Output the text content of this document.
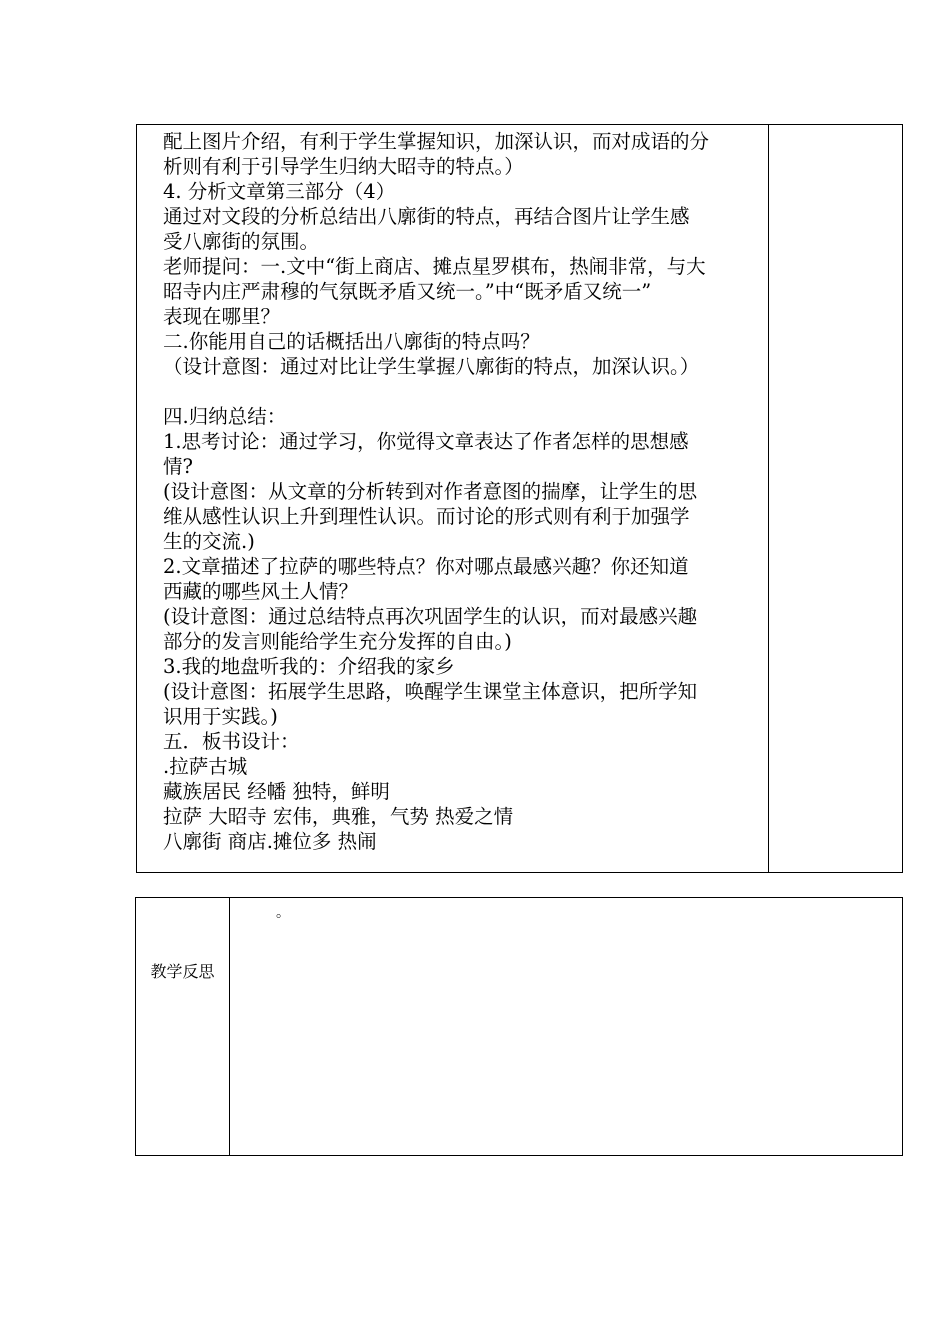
配上图片介绍，有利于学生掌握知识，加深认识，而对成语的分
析则有利于引导学生归纳大昭寺的特点。）
4. 分析文章第三部分（4）
通过对文段的分析总结出八廓街的特点，再结合图片让学生感
受八廓街的氛围。
老师提问：一.文中“街上商店、摊点星罗棋布，热闹非常，与大
昭寺内庄严肃穆的气氛既矛盾又统一。”中“既矛盾又统一”
表现在哪里？
二.你能用自己的话概括出八廓街的特点吗？
（设计意图：通过对比让学生掌握八廓街的特点，加深认识。）
四.归纳总结：
1.思考讨论：通过学习，你觉得文章表达了作者怎样的思想感
情?
(设计意图：从文章的分析转到对作者意图的揣摩，让学生的思
维从感性认识上升到理性认识。而讨论的形式则有利于加强学
生的交流.)
2.文章描述了拉萨的哪些特点？你对哪点最感兴趣？你还知道
西藏的哪些风土人情？
(设计意图：通过总结特点再次巩固学生的认识，而对最感兴趣
部分的发言则能给学生充分发挥的自由。)
3.我的地盘听我的：介绍我的家乡
(设计意图：拓展学生思路，唤醒学生课堂主体意识，把所学知
识用于实践。)
五．板书设计：
.拉萨古城
藏族居民 经幡 独特，鲜明
拉萨 大昭寺 宏伟，典雅，气势 热爱之情
八廓街 商店.摊位多 热闹
教学反思
。
